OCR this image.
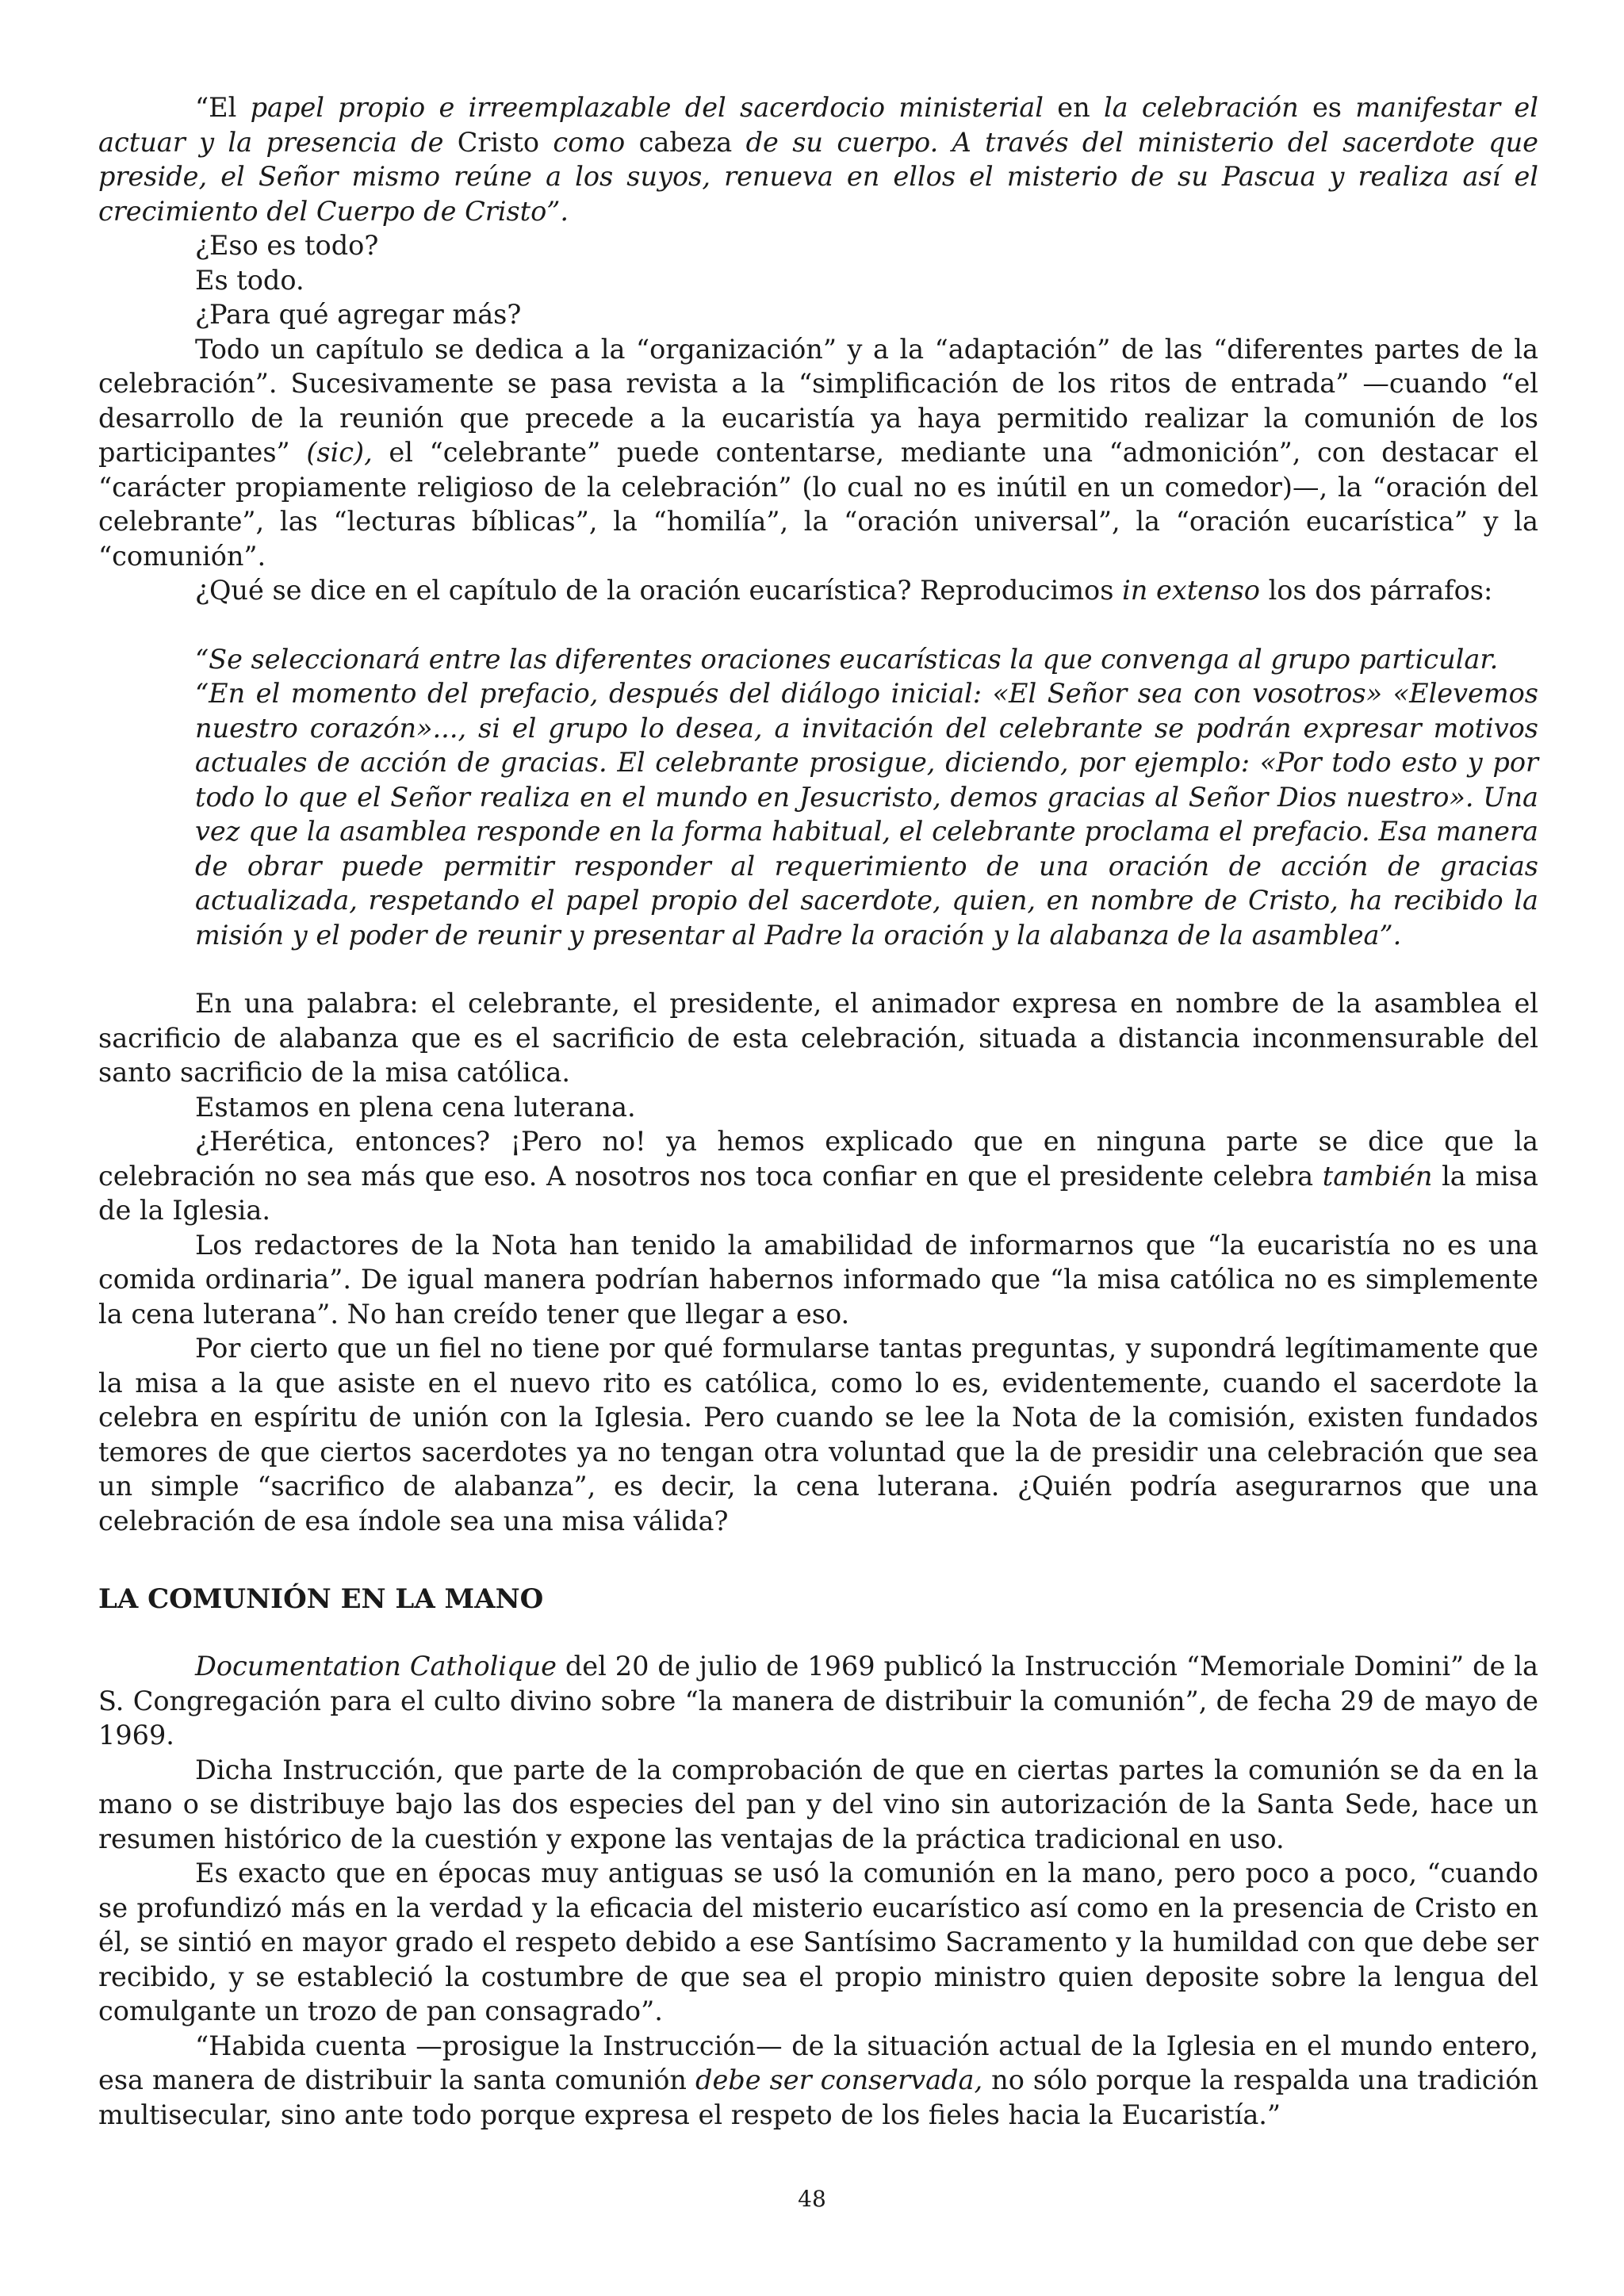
“El papel propio e irreemplazable del sacerdocio ministerial en la celebración es manifestar el actuar y la presencia de Cristo como cabeza de su cuerpo. A través del ministerio del sacerdote que preside, el Señor mismo reúne a los suyos, renueva en ellos el misterio de su Pascua y realiza así el crecimiento del Cuerpo de Cristo”.

¿Eso es todo?

Es todo.

¿Para qué agregar más?

Todo un capítulo se dedica a la “organización” y a la “adaptación” de las “diferentes partes de la celebración”. Sucesivamente se pasa revista a la “simplificación de los ritos de entrada” —cuando “el desarrollo de la reunión que precede a la eucaristía ya haya permitido realizar la comunión de los participantes” (sic), el “celebrante” puede contentarse, mediante una “admonición”, con destacar el “carácter propiamente religioso de la celebración” (lo cual no es inútil en un comedor)—, la “oración del celebrante”, las “lecturas bíblicas”, la “homilía”, la “oración universal”, la “oración eucarística” y la “comunión”.

¿Qué se dice en el capítulo de la oración eucarística? Reproducimos in extenso los dos párrafos:

“Se seleccionará entre las diferentes oraciones eucarísticas la que convenga al grupo particular.

“En el momento del prefacio, después del diálogo inicial: «El Señor sea con vosotros» «Elevemos nuestro corazón»..., si el grupo lo desea, a invitación del celebrante se podrán expresar motivos actuales de acción de gracias. El celebrante prosigue, diciendo, por ejemplo: «Por todo esto y por todo lo que el Señor realiza en el mundo en Jesucristo, demos gracias al Señor Dios nuestro». Una vez que la asamblea responde en la forma habitual, el celebrante proclama el prefacio. Esa manera de obrar puede permitir responder al requerimiento de una oración de acción de gracias actualizada, respetando el papel propio del sacerdote, quien, en nombre de Cristo, ha recibido la misión y el poder de reunir y presentar al Padre la oración y la alabanza de la asamblea”.

En una palabra: el celebrante, el presidente, el animador expresa en nombre de la asamblea el sacrificio de alabanza que es el sacrificio de esta celebración, situada a distancia inconmensurable del santo sacrificio de la misa católica.

Estamos en plena cena luterana.

¿Herética, entonces? ¡Pero no! ya hemos explicado que en ninguna parte se dice que la celebración no sea más que eso. A nosotros nos toca confiar en que el presidente celebra también la misa de la Iglesia.

Los redactores de la Nota han tenido la amabilidad de informarnos que “la eucaristía no es una comida ordinaria”. De igual manera podrían habernos informado que “la misa católica no es simplemente la cena luterana”. No han creído tener que llegar a eso.

Por cierto que un fiel no tiene por qué formularse tantas preguntas, y supondrá legítimamente que la misa a la que asiste en el nuevo rito es católica, como lo es, evidentemente, cuando el sacerdote la celebra en espíritu de unión con la Iglesia. Pero cuando se lee la Nota de la comisión, existen fundados temores de que ciertos sacerdotes ya no tengan otra voluntad que la de presidir una celebración que sea un simple “sacrifico de alabanza”, es decir, la cena luterana. ¿Quién podría asegurarnos que una celebración de esa índole sea una misa válida?

LA COMUNIÓN EN LA MANO

Documentation Catholique del 20 de julio de 1969 publicó la Instrucción “Memoriale Domini” de la S. Congregación para el culto divino sobre “la manera de distribuir la comunión”, de fecha 29 de mayo de 1969.

Dicha Instrucción, que parte de la comprobación de que en ciertas partes la comunión se da en la mano o se distribuye bajo las dos especies del pan y del vino sin autorización de la Santa Sede, hace un resumen histórico de la cuestión y expone las ventajas de la práctica tradicional en uso.

Es exacto que en épocas muy antiguas se usó la comunión en la mano, pero poco a poco, “cuando se profundizó más en la verdad y la eficacia del misterio eucarístico así como en la presencia de Cristo en él, se sintió en mayor grado el respeto debido a ese Santísimo Sacramento y la humildad con que debe ser recibido, y se estableció la costumbre de que sea el propio ministro quien deposite sobre la lengua del comulgante un trozo de pan consagrado”.

“Habida cuenta —prosigue la Instrucción— de la situación actual de la Iglesia en el mundo entero, esa manera de distribuir la santa comunión debe ser conservada, no sólo porque la respalda una tradición multisecular, sino ante todo porque expresa el respeto de los fieles hacia la Eucaristía.”

48
